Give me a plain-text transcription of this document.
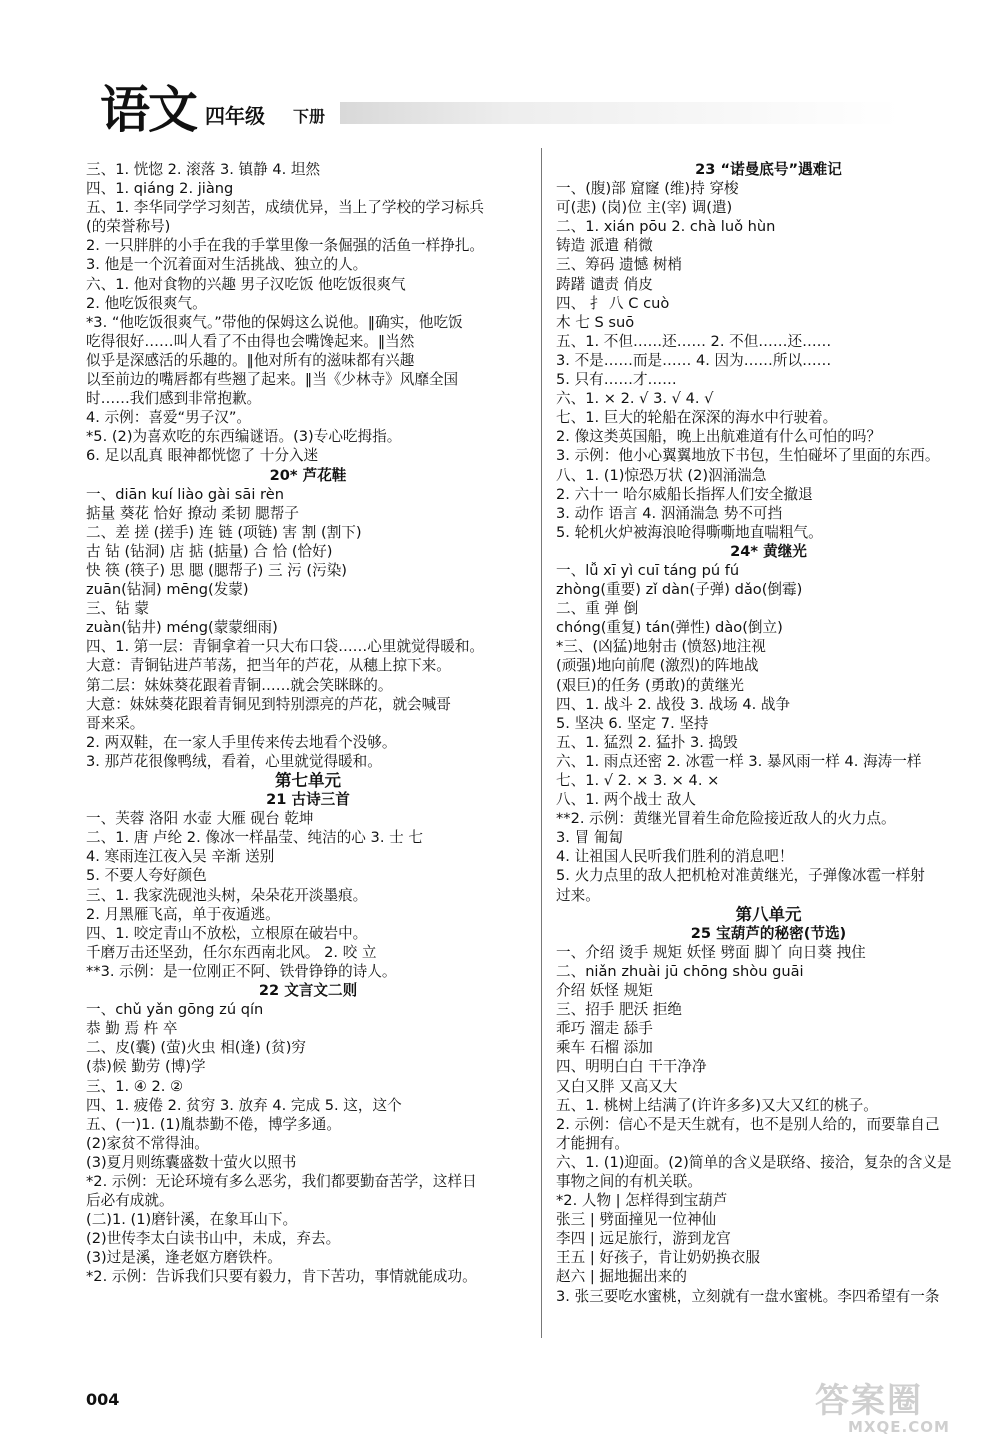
语文 四年级 下册
三、1. 恍惚 2. 滚落 3. 镇静 4. 坦然
四、1. qiáng 2. jiàng
五、1. 李华同学学习刻苦，成绩优异，当上了学校的学习标兵
(的荣誉称号)
2. 一只胖胖的小手在我的手掌里像一条倔强的活鱼一样挣扎。
3. 他是一个沉着面对生活挑战、独立的人。
六、1. 他对食物的兴趣 男子汉吃饭 他吃饭很爽气
2. 他吃饭很爽气。
*3. “他吃饭很爽气。”带他的保姆这么说他。‖确实，他吃饭
吃得很好……叫人看了不由得也会嘴馋起来。‖当然
似乎是深感活的乐趣的。‖他对所有的滋味都有兴趣
以至前边的嘴唇都有些翘了起来。‖当《少林寺》风靡全国
时……我们感到非常抱歉。
4. 示例：喜爱“男子汉”。
*5. (2)为喜欢吃的东西编谜语。(3)专心吃拇指。
6. 足以乱真 眼神都恍惚了 十分入迷
20* 芦花鞋
一、diān kuí liào gài sāi rèn
掂量 葵花 恰好 撩动 柔韧 腮帮子
二、差 搓 (搓手) 连 链 (项链) 害 割 (割下)
古 钻 (钻洞) 店 掂 (掂量) 合 恰 (恰好)
快 筷 (筷子) 思 腮 (腮帮子) 三 污 (污染)
zuān(钻洞) mēng(发蒙)
三、钻 蒙
zuàn(钻井) méng(蒙蒙细雨)
四、1. 第一层：青铜拿着一只大布口袋……心里就觉得暖和。
大意：青铜钻进芦苇荡，把当年的芦花，从穗上掠下来。
第二层：妹妹葵花跟着青铜……就会笑眯眯的。
大意：妹妹葵花跟着青铜见到特别漂亮的芦花，就会喊哥
哥来采。
2. 两双鞋，在一家人手里传来传去地看个没够。
3. 那芦花很像鸭绒，看着，心里就觉得暖和。
第七单元
21 古诗三首
一、芙蓉 洛阳 水壶 大雁 砚台 乾坤
二、1. 唐 卢纶 2. 像冰一样晶莹、纯洁的心 3. 士 七
4. 寒雨连江夜入吴 辛渐 送别
5. 不要人夸好颜色
三、1. 我家洗砚池头树，朵朵花开淡墨痕。
2. 月黑雁飞高，单于夜遁逃。
四、1. 咬定青山不放松，立根原在破岩中。
千磨万击还坚劲，任尔东西南北风。 2. 咬 立
**3. 示例：是一位刚正不阿、铁骨铮铮的诗人。
22 文言文二则
一、chǔ yǎn gōng zú qín
恭 勤 焉 杵 卒
二、皮(囊) (萤)火虫 相(逢) (贫)穷
(恭)候 勤劳 (博)学
三、1. ④ 2. ②
四、1. 疲倦 2. 贫穷 3. 放弃 4. 完成 5. 这，这个
五、(一)1. (1)胤恭勤不倦，博学多通。
(2)家贫不常得油。
(3)夏月则练囊盛数十萤火以照书
*2. 示例：无论环境有多么恶劣，我们都要勤奋苦学，这样日
后必有成就。
(二)1. (1)磨针溪，在象耳山下。
(2)世传李太白读书山中，未成，弃去。
(3)过是溪，逢老妪方磨铁杵。
*2. 示例：告诉我们只要有毅力，肯下苦功，事情就能成功。
23 “诺曼底号”遇难记
一、(腹)部 窟窿 (维)持 穿梭
可(悲) (岗)位 主(宰) 调(遣)
二、1. xián pōu 2. chà luǒ hùn
铸造 派遣 稍微
三、筹码 遗憾 树梢
踌躇 谴责 俏皮
四、 扌 八 C cuò
木 七 S suō
五、1. 不但……还…… 2. 不但……还……
3. 不是……而是…… 4. 因为……所以……
5. 只有……才……
六、1. × 2. √ 3. √ 4. √
七、1. 巨大的轮船在深深的海水中行驶着。
2. 像这类英国船，晚上出航难道有什么可怕的吗？
3. 示例：他小心翼翼地放下书包，生怕碰坏了里面的东西。
八、1. (1)惊恐万状 (2)泅涌湍急
2. 六十一 哈尔威船长指挥人们安全撤退
3. 动作 语言 4. 泅涌湍急 势不可挡
5. 轮机火炉被海浪呛得嘶嘶地直喘粗气。
24* 黄继光
一、lǚ xī yì cuī táng pú fú
zhòng(重要) zǐ dàn(子弹) dǎo(倒霉)
二、重 弹 倒
chóng(重复) tán(弹性) dào(倒立)
*三、(凶猛)地射击 (愤怒)地注视
(顽强)地向前爬 (激烈)的阵地战
(艰巨)的任务 (勇敢)的黄继光
四、1. 战斗 2. 战役 3. 战场 4. 战争
5. 坚决 6. 坚定 7. 坚持
五、1. 猛烈 2. 猛扑 3. 捣毁
六、1. 雨点还密 2. 冰雹一样 3. 暴风雨一样 4. 海涛一样
七、1. √ 2. × 3. × 4. ×
八、1. 两个战士 敌人
**2. 示例：黄继光冒着生命危险接近敌人的火力点。
3. 冒 匍匐
4. 让祖国人民听我们胜利的消息吧！
5. 火力点里的敌人把机枪对准黄继光，子弹像冰雹一样射
过来。
第八单元
25 宝葫芦的秘密(节选)
一、介绍 烫手 规矩 妖怪 劈面 脚丫 向日葵 拽住
二、niǎn zhuài jū chōng shòu guāi
介绍 妖怪 规矩
三、招手 肥沃 拒绝
乖巧 溜走 舔手
乘车 石榴 添加
四、明明白白 干干净净
又白又胖 又高又大
五、1. 桃树上结满了(许许多多)又大又红的桃子。
2. 示例：信心不是天生就有，也不是别人给的，而要靠自己
才能拥有。
六、1. (1)迎面。(2)简单的含义是联络、接洽，复杂的含义是
事物之间的有机关联。
*2. 人物 | 怎样得到宝葫芦
张三 | 劈面撞见一位神仙
李四 | 远足旅行，游到龙宫
王五 | 好孩子，肯让奶奶换衣服
赵六 | 掘地掘出来的
3. 张三要吃水蜜桃，立刻就有一盘水蜜桃。李四希望有一条
004	答案圈
MXQE.COM
